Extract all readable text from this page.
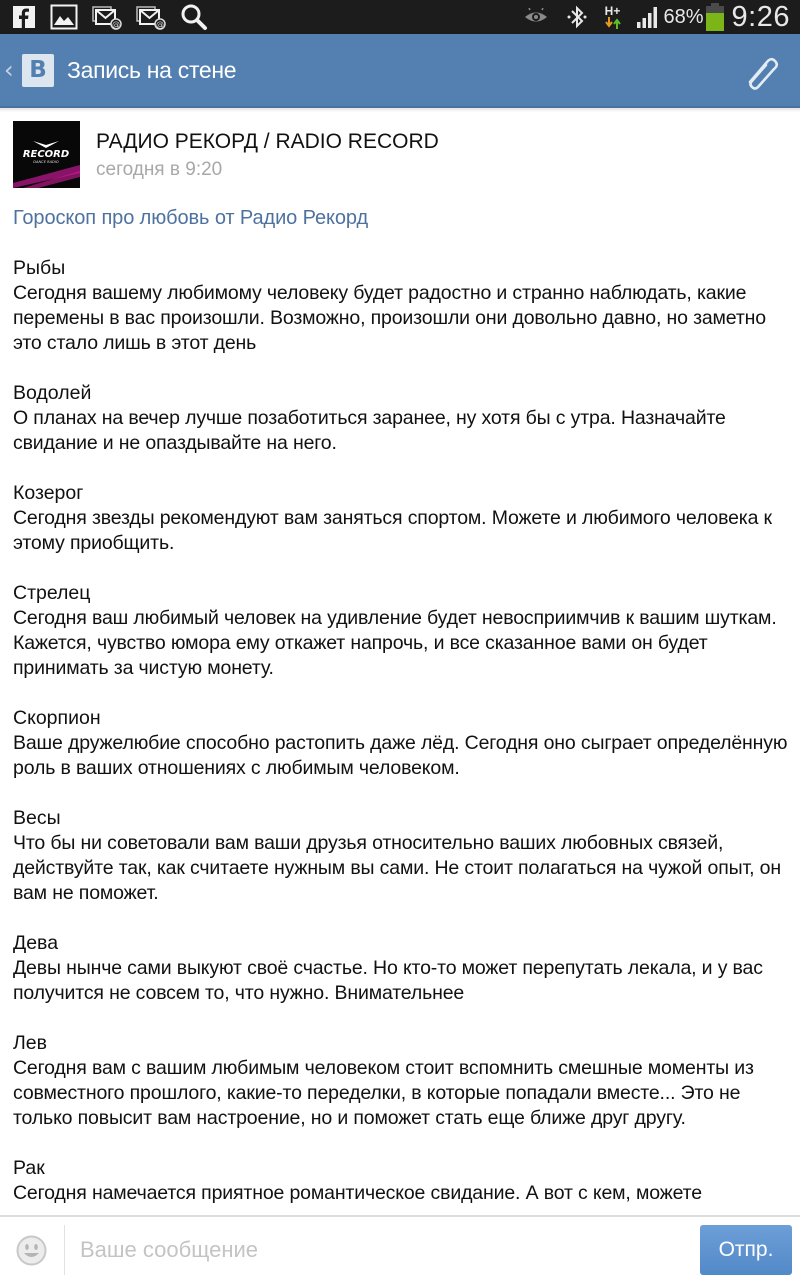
@	@
H+ 68% 9:26
‹ В Запись на стене
RECORD
DANCE RADIO
РАДИО РЕКОРД / RADIO RECORD
сегодня в 9:20
Гороскоп про любовь от Радио Рекорд
Рыбы
Сегодня вашему любимому человеку будет радостно и странно наблюдать, какие перемены в вас произошли. Возможно, произошли они довольно давно, но заметно это стало лишь в этот день
Водолей
О планах на вечер лучше позаботиться заранее, ну хотя бы с утра. Назначайте свидание и не опаздывайте на него.
Козерог
Сегодня звезды рекомендуют вам заняться спортом. Можете и любимого человека к этому приобщить.
Стрелец
Сегодня ваш любимый человек на удивление будет невосприимчив к вашим шуткам. Кажется, чувство юмора ему откажет напрочь, и все сказанное вами он будет принимать за чистую монету.
Скорпион
Ваше дружелюбие способно растопить даже лёд. Сегодня оно сыграет определённую роль в ваших отношениях с любимым человеком.
Весы
Что бы ни советовали вам ваши друзья относительно ваших любовных связей, действуйте так, как считаете нужным вы сами. Не стоит полагаться на чужой опыт, он вам не поможет.
Дева
Девы нынче сами выкуют своё счастье. Но кто-то может перепутать лекала, и у вас получится не совсем то, что нужно. Внимательнее
Лев
Сегодня вам с вашим любимым человеком стоит вспомнить смешные моменты из совместного прошлого, какие-то переделки, в которые попадали вместе... Это не только повысит вам настроение, но и поможет стать еще ближе друг другу.
Рак
Сегодня намечается приятное романтическое свидание. А вот с кем, можете
Ваше сообщение
Отпр.
